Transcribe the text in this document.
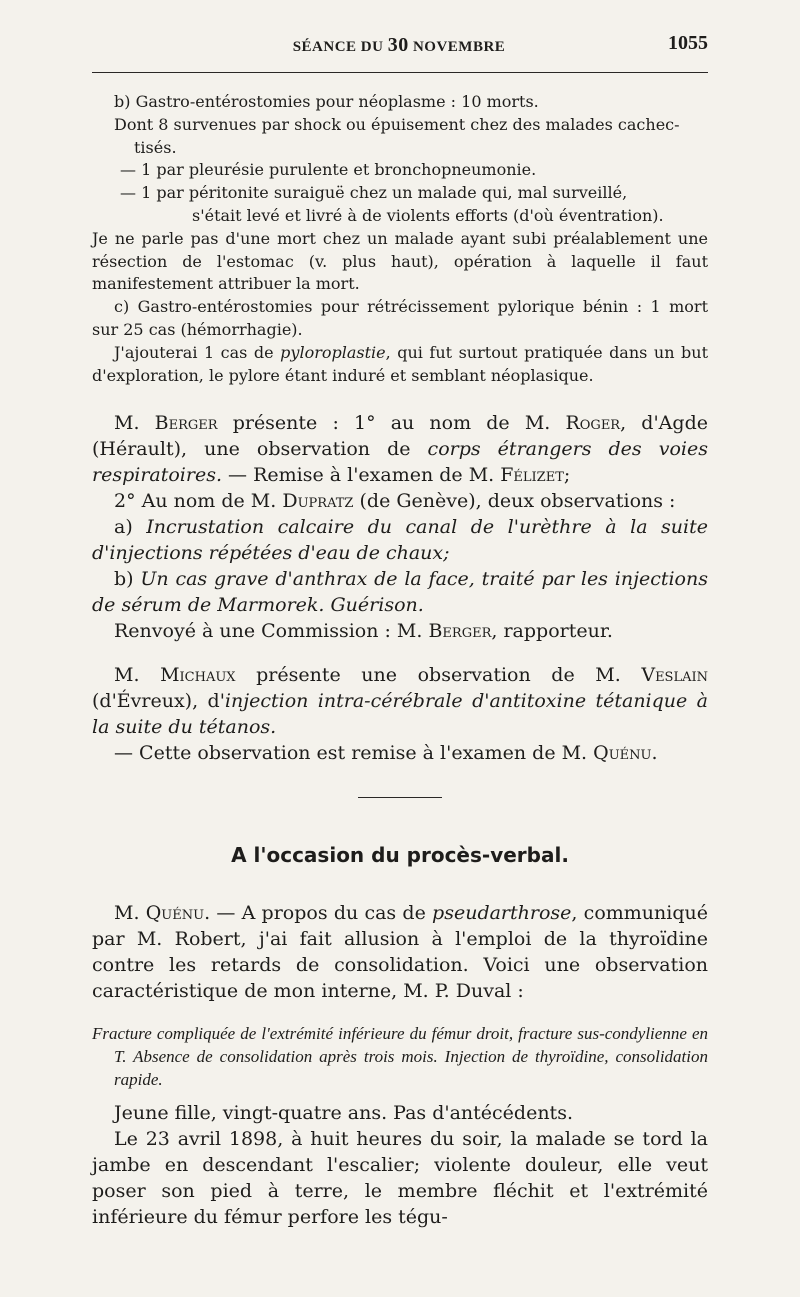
SÉANCE DU 30 NOVEMBRE	1055

b) Gastro-entérostomies pour néoplasme : 10 morts.

Dont 8 survenues par shock ou épuisement chez des malades cachec-

tisés.

— 1 par pleurésie purulente et bronchopneumonie.

— 1 par péritonite suraiguë chez un malade qui, mal surveillé,

s'était levé et livré à de violents efforts (d'où éventration).

Je ne parle pas d'une mort chez un malade ayant subi préalablement une résection de l'estomac (v. plus haut), opération à laquelle il faut manifestement attribuer la mort.

c) Gastro-entérostomies pour rétrécissement pylorique bénin : 1 mort sur 25 cas (hémorrhagie).

J'ajouterai 1 cas de pyloroplastie, qui fut surtout pratiquée dans un but d'exploration, le pylore étant induré et semblant néoplasique.

M. Berger présente : 1° au nom de M. Roger, d'Agde (Hérault), une observation de corps étrangers des voies respiratoires. — Remise à l'examen de M. Félizet;

2° Au nom de M. Dupratz (de Genève), deux observations :

a) Incrustation calcaire du canal de l'urèthre à la suite d'injections répétées d'eau de chaux;

b) Un cas grave d'anthrax de la face, traité par les injections de sérum de Marmorek. Guérison.

Renvoyé à une Commission : M. Berger, rapporteur.

M. Michaux présente une observation de M. Veslain (d'Évreux), d'injection intra-cérébrale d'antitoxine tétanique à la suite du tétanos.

— Cette observation est remise à l'examen de M. Quénu.

A l'occasion du procès-verbal.

M. Quénu. — A propos du cas de pseudarthrose, communiqué par M. Robert, j'ai fait allusion à l'emploi de la thyroïdine contre les retards de consolidation. Voici une observation caractéristique de mon interne, M. P. Duval :

Fracture compliquée de l'extrémité inférieure du fémur droit, fracture sus-condylienne en T. Absence de consolidation après trois mois. Injection de thyroïdine, consolidation rapide.

Jeune fille, vingt-quatre ans. Pas d'antécédents.

Le 23 avril 1898, à huit heures du soir, la malade se tord la jambe en descendant l'escalier; violente douleur, elle veut poser son pied à terre, le membre fléchit et l'extrémité inférieure du fémur perfore les tégu-
